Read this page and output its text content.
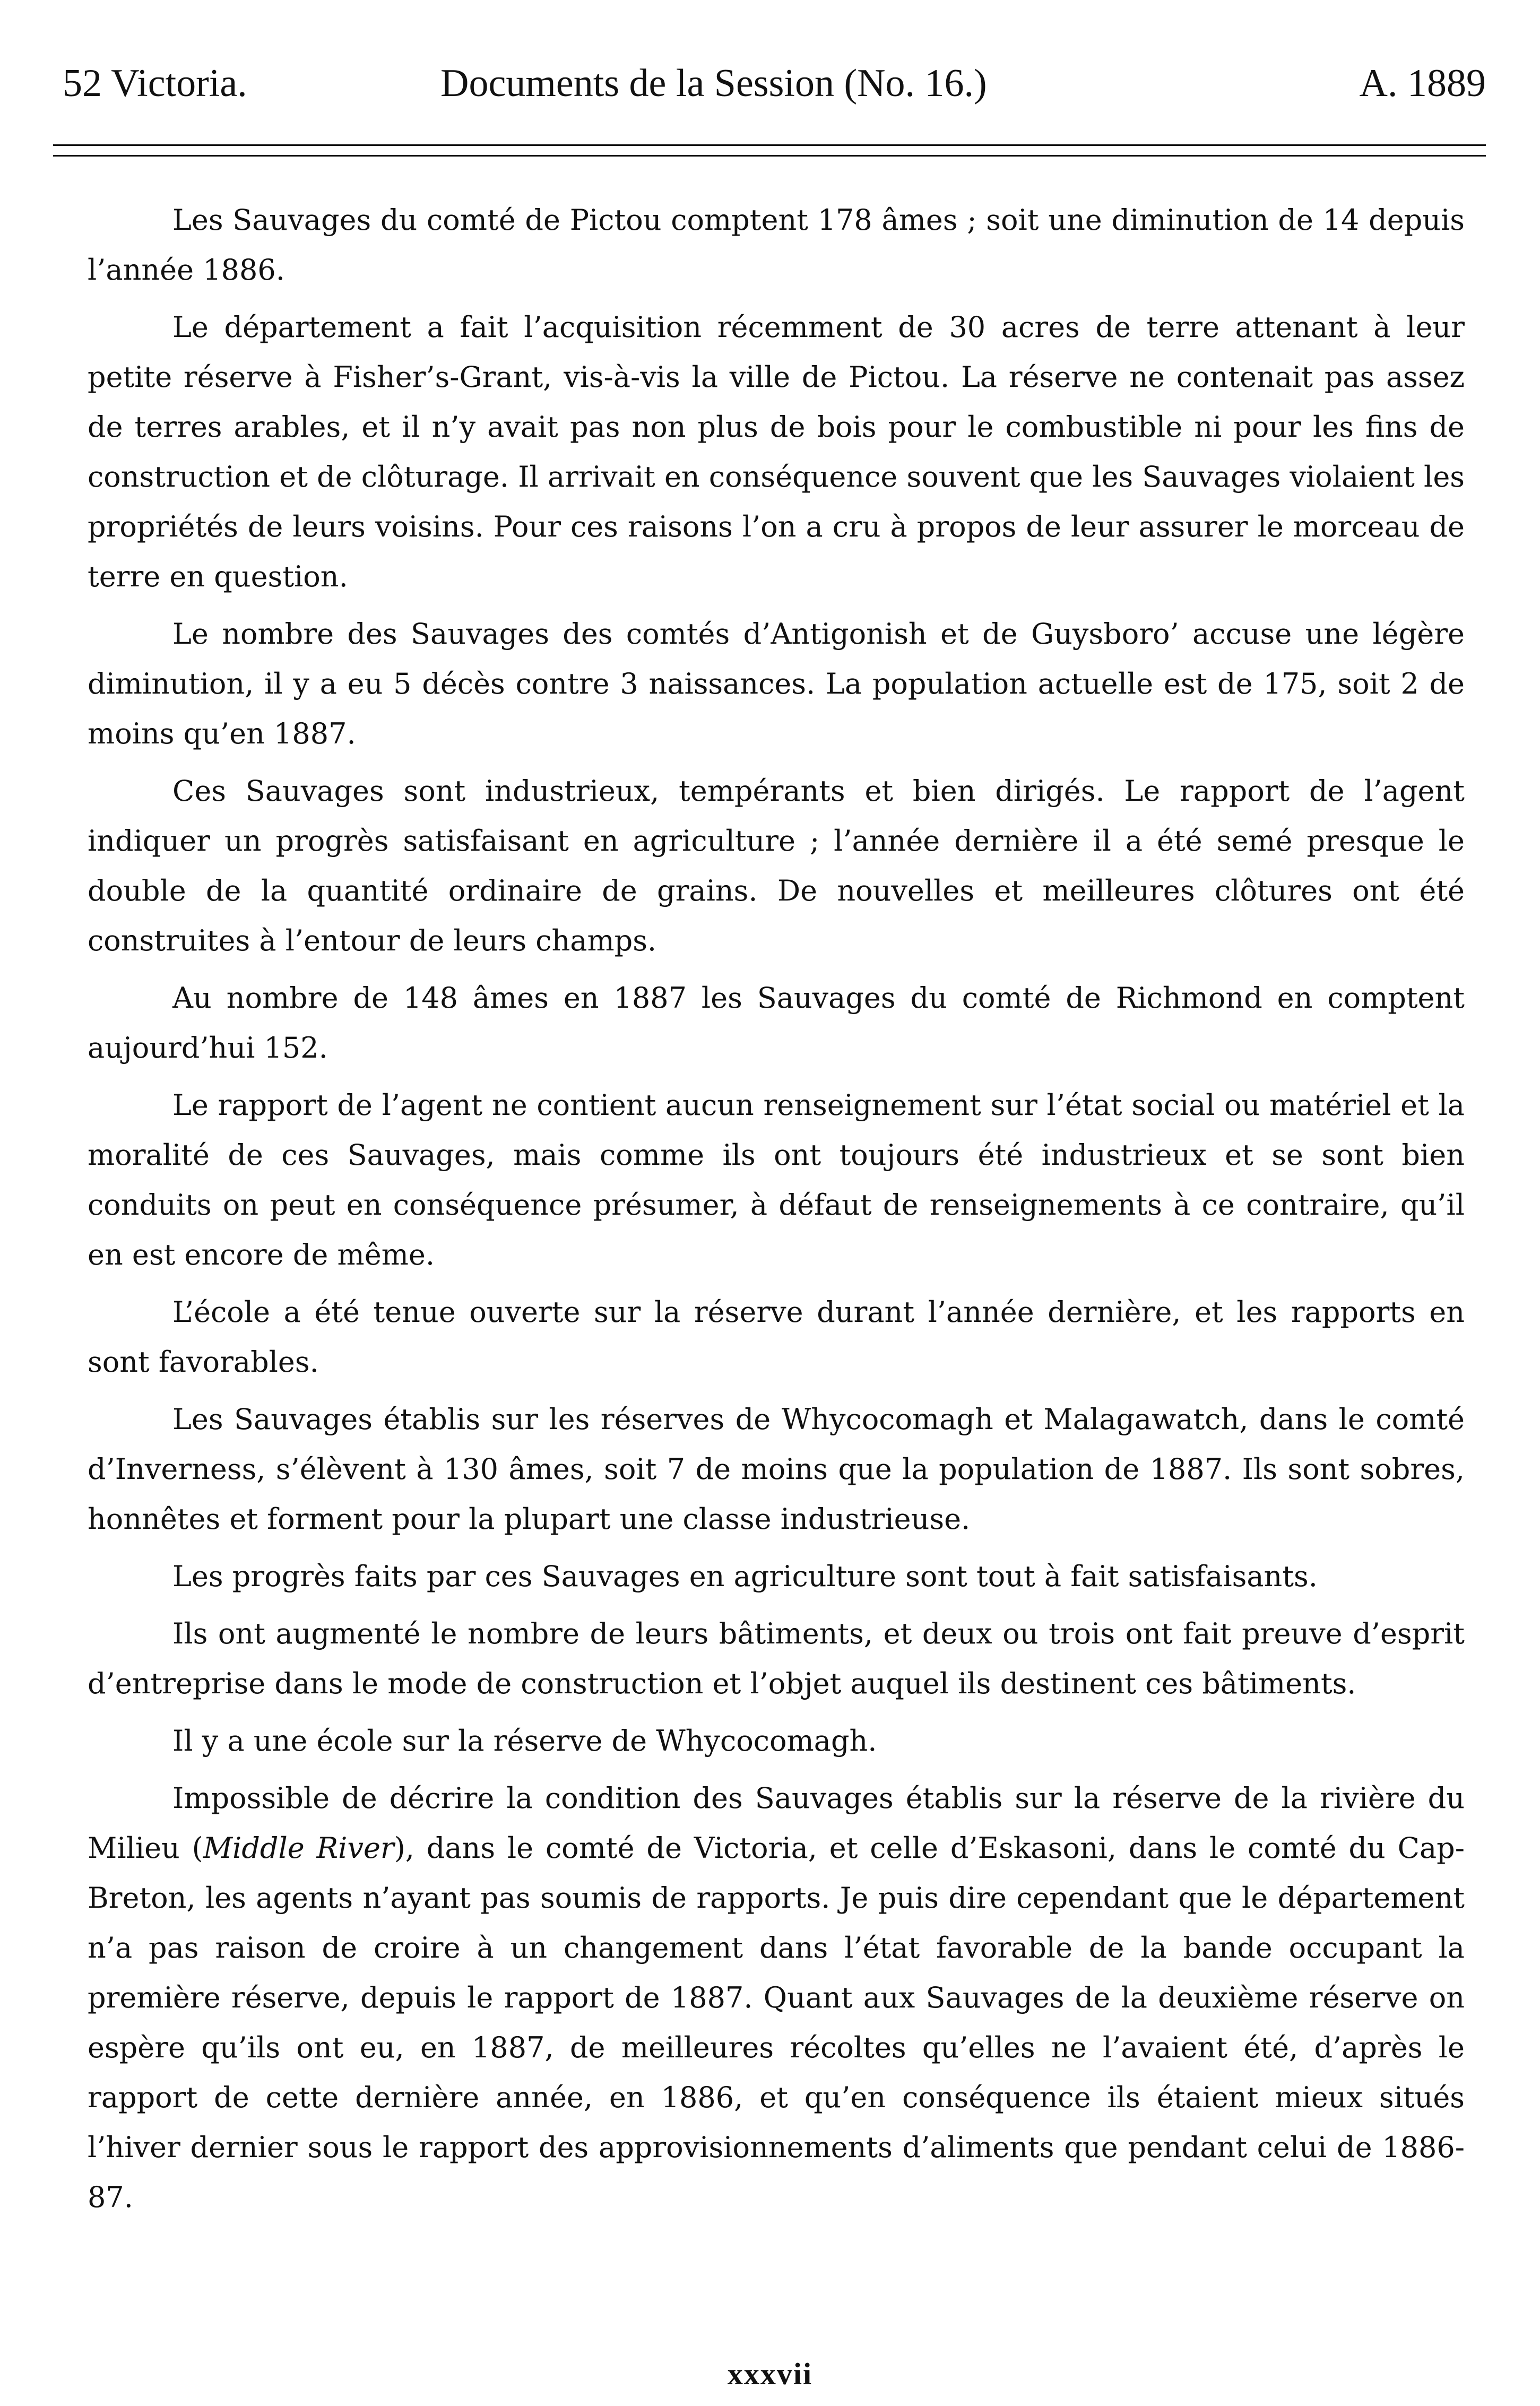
52 Victoria.	Documents de la Session (No. 16.)	A. 1889

Les Sauvages du comté de Pictou comptent 178 âmes ; soit une diminution de 14 depuis l’année 1886.

Le département a fait l’acquisition récemment de 30 acres de terre attenant à leur petite réserve à Fisher’s-Grant, vis-à-vis la ville de Pictou. La réserve ne contenait pas assez de terres arables, et il n’y avait pas non plus de bois pour le combustible ni pour les fins de construction et de clôturage. Il arrivait en conséquence souvent que les Sauvages violaient les propriétés de leurs voisins. Pour ces raisons l’on a cru à propos de leur assurer le morceau de terre en question.

Le nombre des Sauvages des comtés d’Antigonish et de Guysboro’ accuse une légère diminution, il y a eu 5 décès contre 3 naissances. La population actuelle est de 175, soit 2 de moins qu’en 1887.

Ces Sauvages sont industrieux, tempérants et bien dirigés. Le rapport de l’agent indiquer un progrès satisfaisant en agriculture ; l’année dernière il a été semé presque le double de la quantité ordinaire de grains. De nouvelles et meilleures clôtures ont été construites à l’entour de leurs champs.

Au nombre de 148 âmes en 1887 les Sauvages du comté de Richmond en comptent aujourd’hui 152.

Le rapport de l’agent ne contient aucun renseignement sur l’état social ou matériel et la moralité de ces Sauvages, mais comme ils ont toujours été industrieux et se sont bien conduits on peut en conséquence présumer, à défaut de renseignements à ce contraire, qu’il en est encore de même.

L’école a été tenue ouverte sur la réserve durant l’année dernière, et les rapports en sont favorables.

Les Sauvages établis sur les réserves de Whycocomagh et Malagawatch, dans le comté d’Inverness, s’élèvent à 130 âmes, soit 7 de moins que la population de 1887. Ils sont sobres, honnêtes et forment pour la plupart une classe industrieuse.

Les progrès faits par ces Sauvages en agriculture sont tout à fait satisfaisants.

Ils ont augmenté le nombre de leurs bâtiments, et deux ou trois ont fait preuve d’esprit d’entreprise dans le mode de construction et l’objet auquel ils destinent ces bâtiments.

Il y a une école sur la réserve de Whycocomagh.

Impossible de décrire la condition des Sauvages établis sur la réserve de la rivière du Milieu (Middle River), dans le comté de Victoria, et celle d’Eskasoni, dans le comté du Cap-Breton, les agents n’ayant pas soumis de rapports. Je puis dire cependant que le département n’a pas raison de croire à un changement dans l’état favorable de la bande occupant la première réserve, depuis le rapport de 1887. Quant aux Sauvages de la deuxième réserve on espère qu’ils ont eu, en 1887, de meilleures récoltes qu’elles ne l’avaient été, d’après le rapport de cette dernière année, en 1886, et qu’en conséquence ils étaient mieux situés l’hiver dernier sous le rapport des approvisionnements d’aliments que pendant celui de 1886-87.

xxxvii
